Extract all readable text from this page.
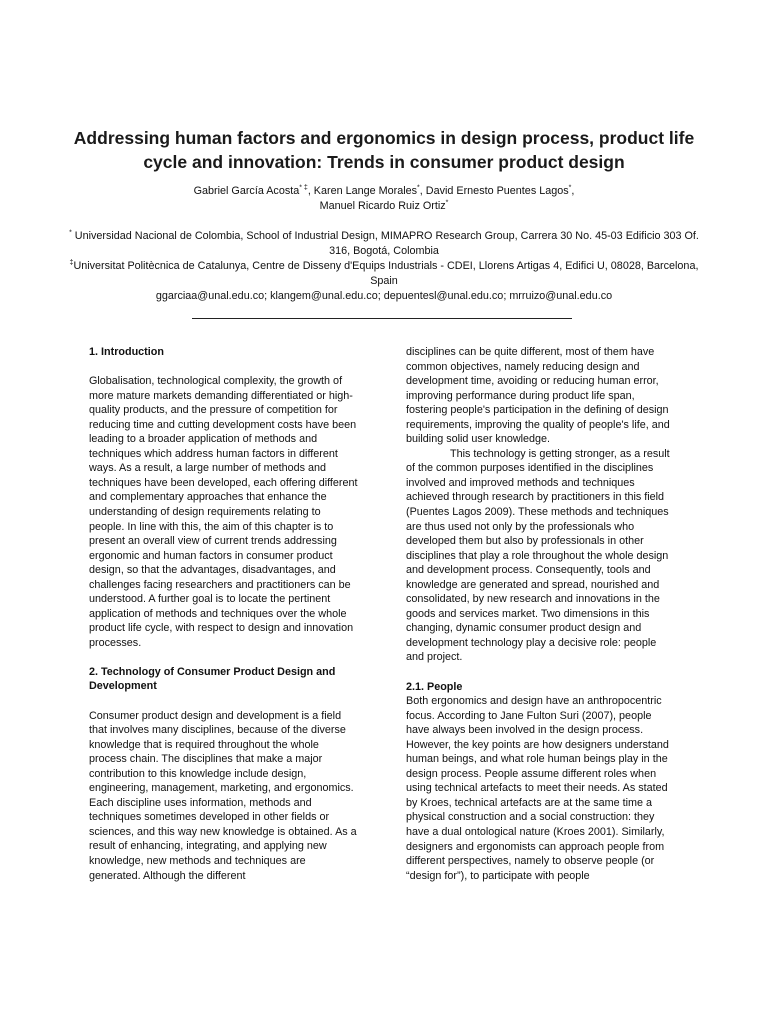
Addressing human factors and ergonomics in design process, product life cycle and innovation: Trends in consumer product design
Gabriel García Acosta* ‡, Karen Lange Morales*, David Ernesto Puentes Lagos*,
Manuel Ricardo Ruiz Ortiz*
* Universidad Nacional de Colombia, School of Industrial Design, MIMAPRO Research Group, Carrera 30 No. 45-03 Edificio 303 Of. 316, Bogotá, Colombia
‡Universitat Politècnica de Catalunya, Centre de Disseny d'Equips Industrials - CDEI, Llorens Artigas 4, Edifici U, 08028, Barcelona, Spain
ggarciaa@unal.edu.co; klangem@unal.edu.co; depuentesl@unal.edu.co; mrruizo@unal.edu.co
1. Introduction

Globalisation, technological complexity, the growth of more mature markets demanding differentiated or high-quality products, and the pressure of competition for reducing time and cutting development costs have been leading to a broader application of methods and techniques which address human factors in different ways. As a result, a large number of methods and techniques have been developed, each offering different and complementary approaches that enhance the understanding of design requirements relating to people. In line with this, the aim of this chapter is to present an overall view of current trends addressing ergonomic and human factors in consumer product design, so that the advantages, disadvantages, and challenges facing researchers and practitioners can be understood. A further goal is to locate the pertinent application of methods and techniques over the whole product life cycle, with respect to design and innovation processes.

2. Technology of Consumer Product Design and Development

Consumer product design and development is a field that involves many disciplines, because of the diverse knowledge that is required throughout the whole process chain. The disciplines that make a major contribution to this knowledge include design, engineering, management, marketing, and ergonomics. Each discipline uses information, methods and techniques sometimes developed in other fields or sciences, and this way new knowledge is obtained. As a result of enhancing, integrating, and applying new knowledge, new methods and techniques are generated. Although the different

disciplines can be quite different, most of them have common objectives, namely reducing design and development time, avoiding or reducing human error, improving performance during product life span, fostering people's participation in the defining of design requirements, improving the quality of people's life, and building solid user knowledge.

This technology is getting stronger, as a result of the common purposes identified in the disciplines involved and improved methods and techniques achieved through research by practitioners in this field (Puentes Lagos 2009). These methods and techniques are thus used not only by the professionals who developed them but also by professionals in other disciplines that play a role throughout the whole design and development process. Consequently, tools and knowledge are generated and spread, nourished and consolidated, by new research and innovations in the goods and services market. Two dimensions in this changing, dynamic consumer product design and development technology play a decisive role: people and project.

2.1. People

Both ergonomics and design have an anthropocentric focus. According to Jane Fulton Suri (2007), people have always been involved in the design process. However, the key points are how designers understand human beings, and what role human beings play in the design process. People assume different roles when using technical artefacts to meet their needs. As stated by Kroes, technical artefacts are at the same time a physical construction and a social construction: they have a dual ontological nature (Kroes 2001). Similarly, designers and ergonomists can approach people from different perspectives, namely to observe people (or “design for”), to participate with people
